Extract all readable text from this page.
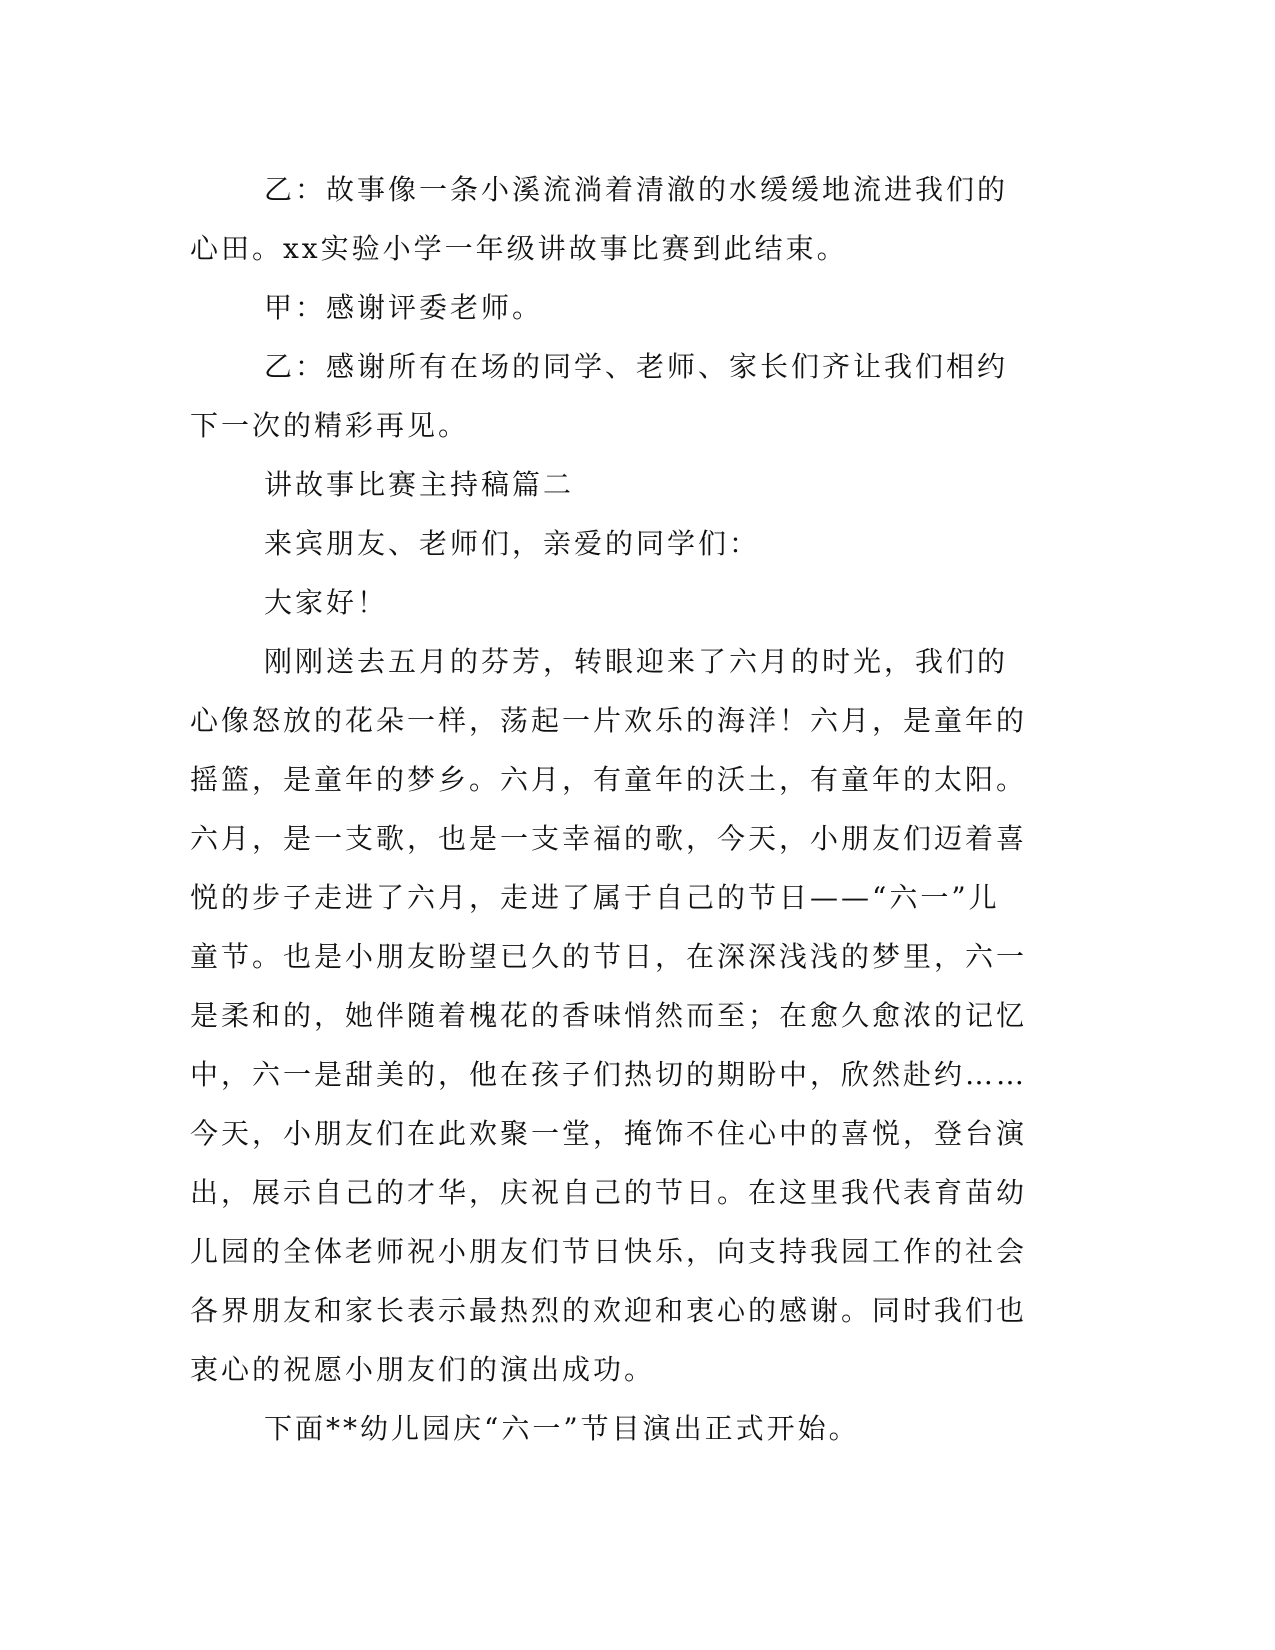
乙：故事像一条小溪流淌着清澈的水缓缓地流进我们的心田。xx实验小学一年级讲故事比赛到此结束。

甲：感谢评委老师。

乙：感谢所有在场的同学、老师、家长们齐让我们相约下一次的精彩再见。

讲故事比赛主持稿篇二

来宾朋友、老师们，亲爱的同学们：

大家好！

刚刚送去五月的芬芳，转眼迎来了六月的时光，我们的心像怒放的花朵一样，荡起一片欢乐的海洋！六月，是童年的摇篮，是童年的梦乡。六月，有童年的沃土，有童年的太阳。六月，是一支歌，也是一支幸福的歌，今天，小朋友们迈着喜悦的步子走进了六月，走进了属于自己的节日——“六一”儿童节。也是小朋友盼望已久的节日，在深深浅浅的梦里，六一是柔和的，她伴随着槐花的香味悄然而至；在愈久愈浓的记忆中，六一是甜美的，他在孩子们热切的期盼中，欣然赴约……今天，小朋友们在此欢聚一堂，掩饰不住心中的喜悦，登台演出，展示自己的才华，庆祝自己的节日。在这里我代表育苗幼儿园的全体老师祝小朋友们节日快乐，向支持我园工作的社会各界朋友和家长表示最热烈的欢迎和衷心的感谢。同时我们也衷心的祝愿小朋友们的演出成功。

下面**幼儿园庆“六一”节目演出正式开始。
